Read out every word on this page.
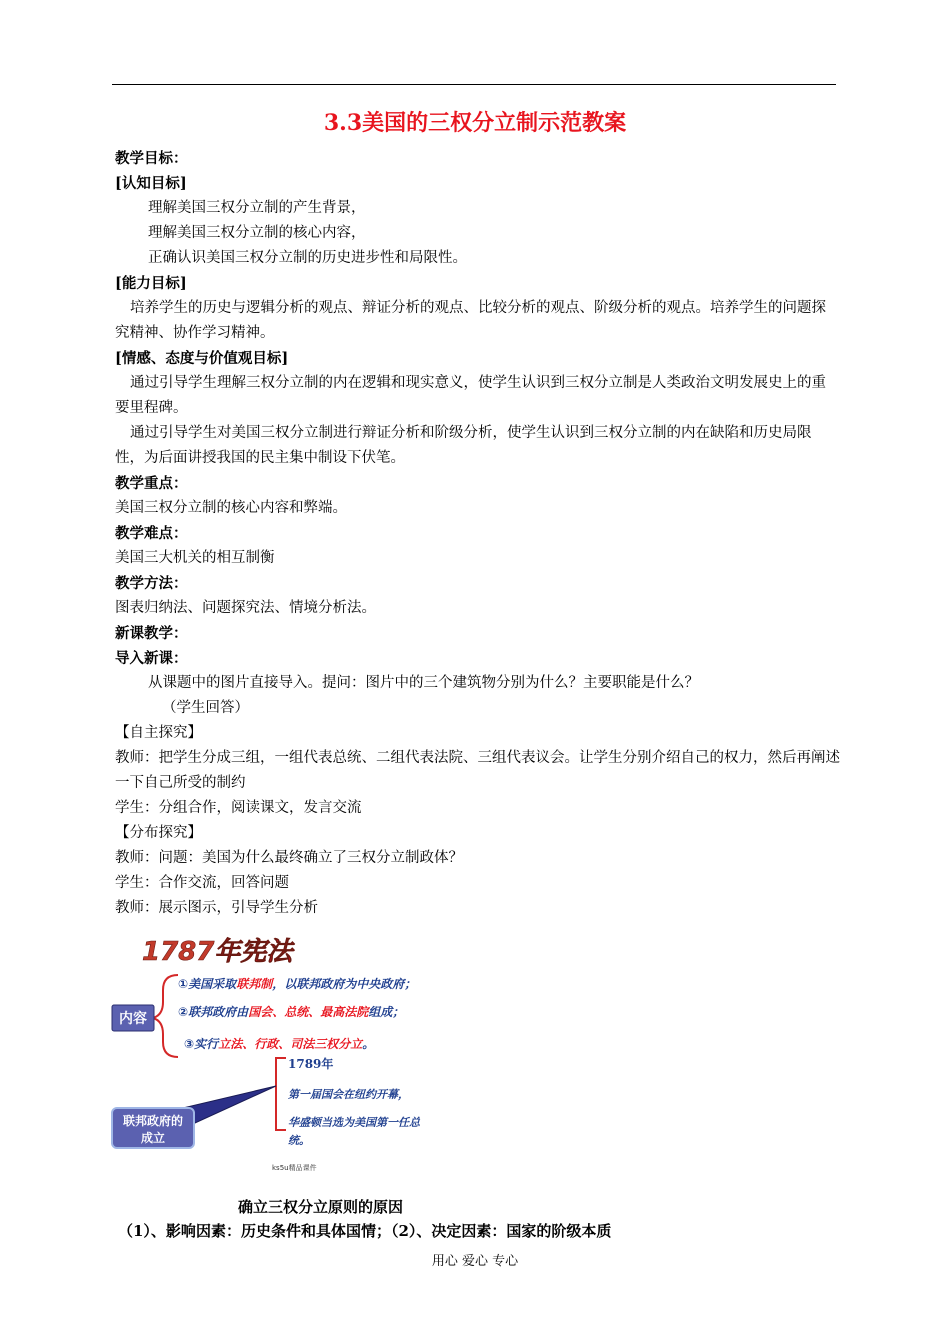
3.3美国的三权分立制示范教案

教学目标：

[认知目标]

理解美国三权分立制的产生背景，

理解美国三权分立制的核心内容，

正确认识美国三权分立制的历史进步性和局限性。

[能力目标]

培养学生的历史与逻辑分析的观点、辩证分析的观点、比较分析的观点、阶级分析的观点。培养学生的问题探究精神、协作学习精神。

[情感、态度与价值观目标]

通过引导学生理解三权分立制的内在逻辑和现实意义，使学生认识到三权分立制是人类政治文明发展史上的重要里程碑。

通过引导学生对美国三权分立制进行辩证分析和阶级分析，使学生认识到三权分立制的内在缺陷和历史局限性，为后面讲授我国的民主集中制设下伏笔。

教学重点：

美国三权分立制的核心内容和弊端。

教学难点：

美国三大机关的相互制衡

教学方法：

图表归纳法、问题探究法、情境分析法。

新课教学：

导入新课：

从课题中的图片直接导入。提问：图片中的三个建筑物分别为什么？主要职能是什么？

（学生回答）

【自主探究】

教师：把学生分成三组，一组代表总统、二组代表法院、三组代表议会。让学生分别介绍自己的权力，然后再阐述一下自己所受的制约

学生：分组合作，阅读课文，发言交流

【分布探究】

教师：问题：美国为什么最终确立了三权分立制政体？

学生：合作交流，回答问题

教师：展示图示，引导学生分析

1787年宪法
内容
①美国采取联邦制，以联邦政府为中央政府；
②联邦政府由国会、总统、最高法院组成；
③实行立法、行政、司法三权分立。
1789年
第一届国会在纽约开幕，
华盛顿当选为美国第一任总
统。
联邦政府的
成立
ks5u精品课件
确立三权分立原则的原因
（1）、影响因素：历史条件和具体国情；（2）、决定因素：国家的阶级本质
用心 爱心 专心
